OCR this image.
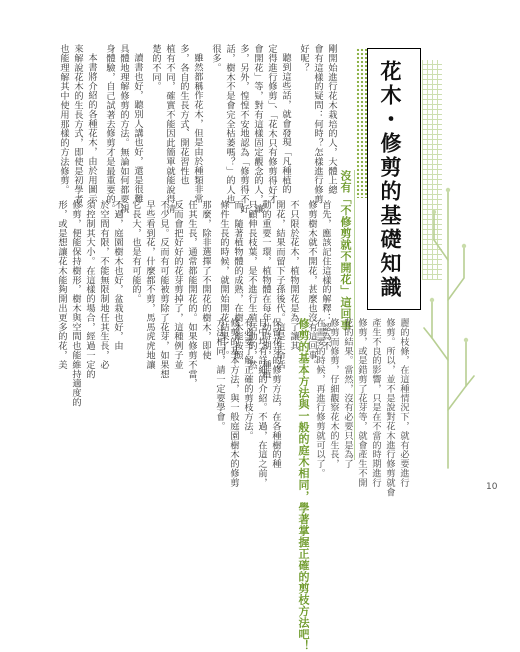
花木・修剪的基礎知識
剛開始進行花木栽培的人，大體上總
會有這樣的疑問：何時？怎樣進行修剪
好呢？
聽到這些話，就會發現「凡種植的
定得進行修剪」、「花木只有修剪得好才
會開花」等，對有這樣固定觀念的人，讓
多，另外，惶惶不安地認為「修剪得不好
話，樹木不是會完全枯萎嗎？」的人也
很多。
雖然都稱作花木，但是由於種類非常
多，各自的生長方式、開花習性也
植有不同，確實不能因此簡單就能說得清
楚的不同。
讀書也好，聽別人講也好，還是很難
具體地理解修剪的方法。無論如何都要親
身體驗，自己試著去修剪才是最重要的。
本書將介紹的各種花木，由於用圖示
來解說花木的生長方式，即使是初學者，
也能理解其中使用那樣的方法修剪。
沒有「不修剪就不開花」這回事
首先，應該記住這樣的解釋：認為不
修剪樹木就不開花，甚麼也沒有這回事。
不只限於花木，植物開花是為了讓其
開花，結果而留下子孫後代。這是生命活
動的重要一環，植物體在每年幼時期，種植
只顧伸長枝葉，是不進行生殖活動的，然
而，隨著植物體的成熟，在樹木能按照
條件生長的時候，就開始開花結果了。
那麼，除非選擇了不開花的樹木，即使
任其生長，通常都能開花的。如果修剪不當，
反而會把好好的花芽剪掉了，這種例子並
不少見。反而有可能被剪除了花芽，如果想
早些看到花，什麼都不剪，馬馬虎虎地讓
它長大，也是有可能的。
不過，庭園樹木也好，盆栽也好，由
於空間有限，不能無限制地任其生長，必
須控制其大小。在這樣的場合，經過一定的
修剪，便能保持樹形，樹木與空間也能維持適度的
形，或是想讓花木能夠開出更多的花，美
麗的枝條，在這種情況下，就有必要進行
修剪。所以，並不是說對花木進行修剪就會
產生不良的影響，只是在不當的時期進行
修剪，或是錯剪了花芽等，就會產生不開
花的結果。當然，沒有必要只是為了
修剪而修剪，仔細觀察花木的生長，
在需要的時候，再進行修剪就可以了。
修剪的基本方法與一般的庭木相同，學著掌握正確的剪枝方法吧！
保留花芽的修剪方法，在各種樹的種
目中均有詳細的介紹。不過，在這之前，
有必要了解正確的剪枝方法。
修剪的基本方法，與一般庭園樹木的修剪
方法相同，請一定要學會。
10
